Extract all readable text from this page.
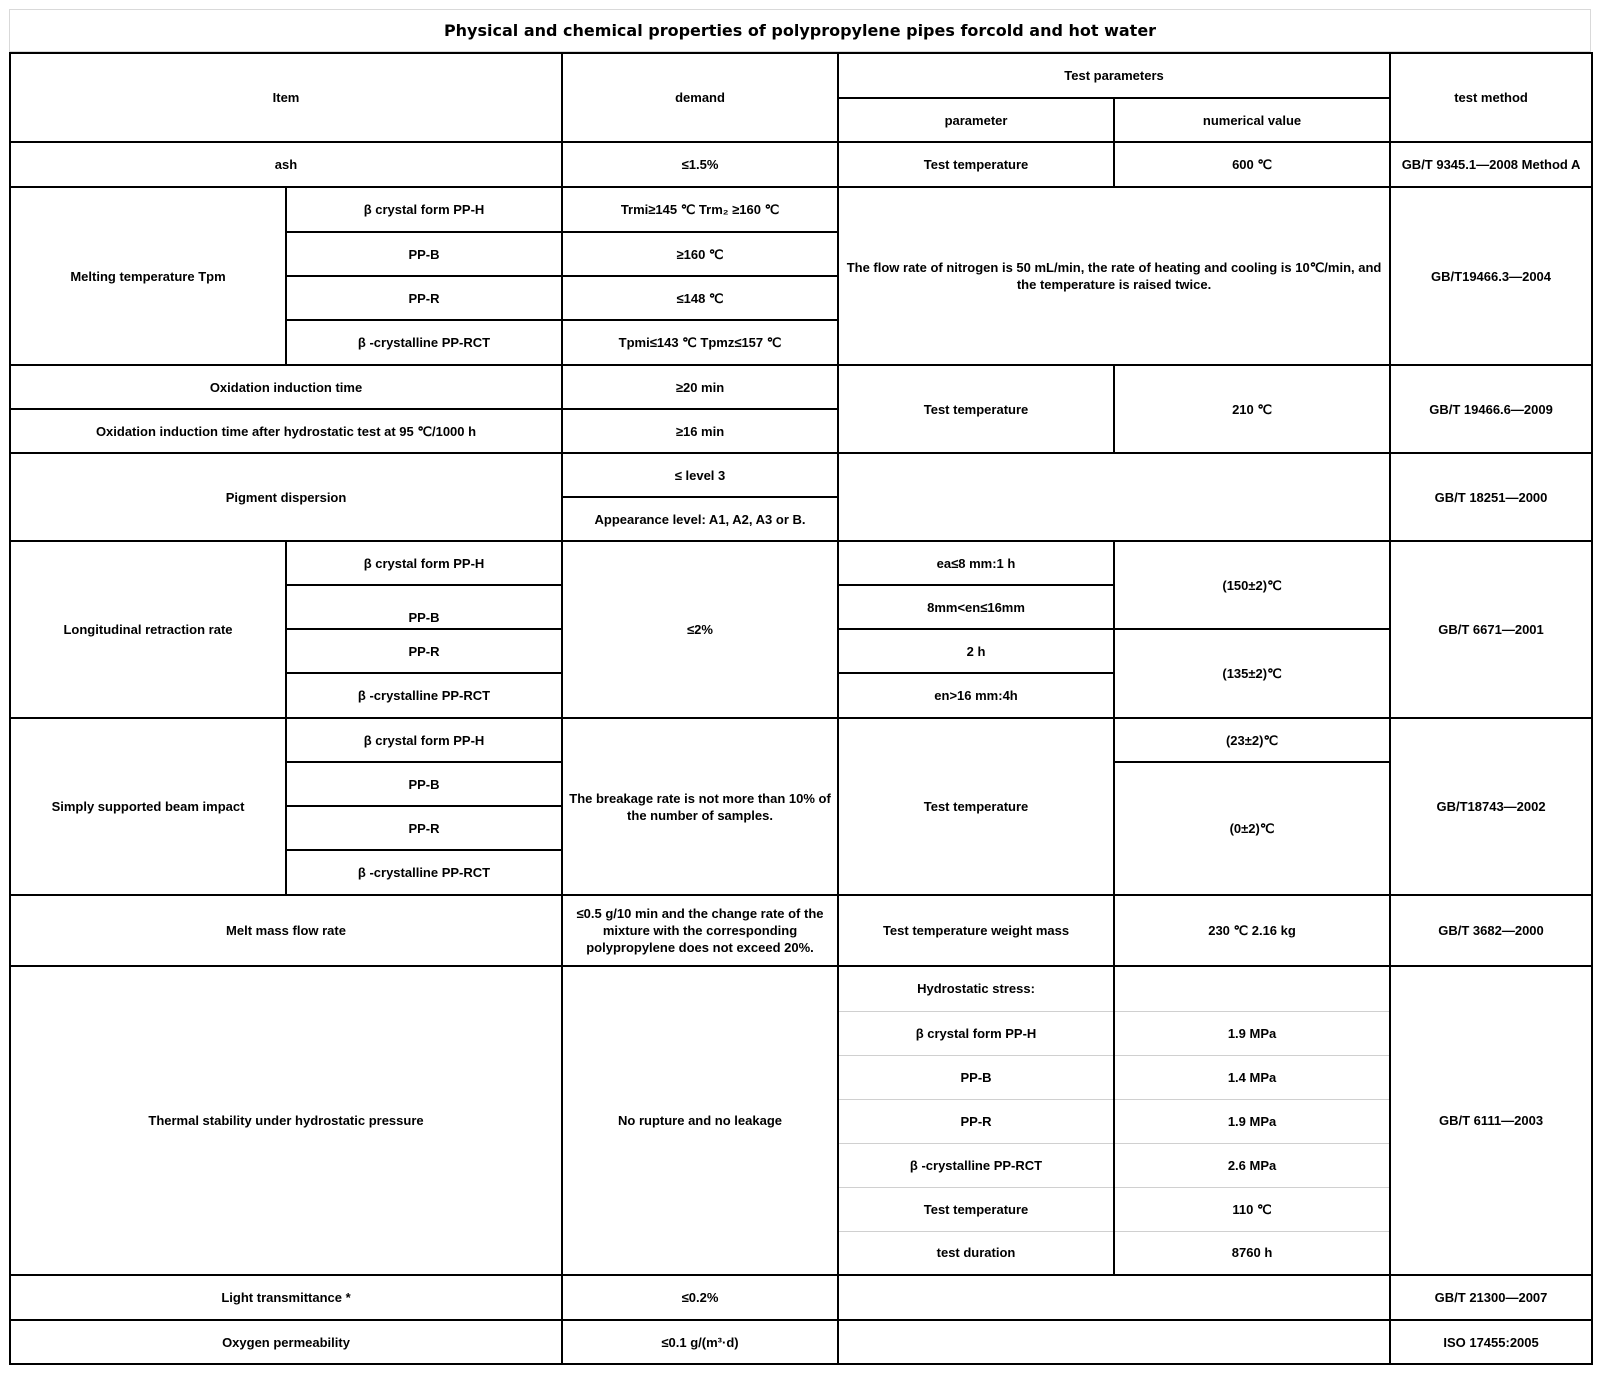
Physical and chemical properties of polypropylene pipes forcold and hot water
Item		demand	Test parameters		test method
			parameter	numerical value	
ash		≤1.5%	Test temperature	600 ℃	GB/T 9345.1—2008 Method A
Melting temperature Tpm	β crystal form PP-H	Trmi≥145 ℃ Trm₂ ≥160 ℃	The flow rate of nitrogen is 50 mL/min, the rate of heating and cooling is 10℃/min, and the temperature is raised twice.		GB/T19466.3—2004
	PP-B	≥160 ℃			
	PP-R	≤148 ℃			
	β -crystalline PP-RCT	Tpmi≤143 ℃ Tpmz≤157 ℃			
Oxidation induction time		≥20 min	Test temperature	210 ℃	GB/T 19466.6—2009
Oxidation induction time after hydrostatic test at 95 ℃/1000 h		≥16 min			
Pigment dispersion		≤ level 3			GB/T 18251—2000
		Appearance level: A1, A2, A3 or B.			
Longitudinal retraction rate	β crystal form PP-H	≤2%	ea≤8 mm:1 h	(150±2)℃	GB/T 6671—2001
	PP-B		8mm<en≤16mm		
	PP-R		2 h	(135±2)℃	
	β -crystalline PP-RCT		en>16 mm:4h		
Simply supported beam impact	β crystal form PP-H	The breakage rate is not more than 10% of the number of samples.	Test temperature	(23±2)℃	GB/T18743—2002
	PP-B			(0±2)℃	
	PP-R				
	β -crystalline PP-RCT				
Melt mass flow rate		≤0.5 g/10 min and the change rate of the mixture with the corresponding polypropylene does not exceed 20%.	Test temperature weight mass	230 ℃ 2.16 kg	GB/T 3682—2000
Thermal stability under hydrostatic pressure		No rupture and no leakage	Hydrostatic stress:		GB/T 6111—2003
			β crystal form PP-H	1.9 MPa	
			PP-B	1.4 MPa	
			PP-R	1.9 MPa	
			β -crystalline PP-RCT	2.6 MPa	
			Test temperature	110 ℃	
			test duration	8760 h	
Light transmittance *		≤0.2%			GB/T 21300—2007
Oxygen permeability		≤0.1 g/(m³·d)			ISO 17455:2005
